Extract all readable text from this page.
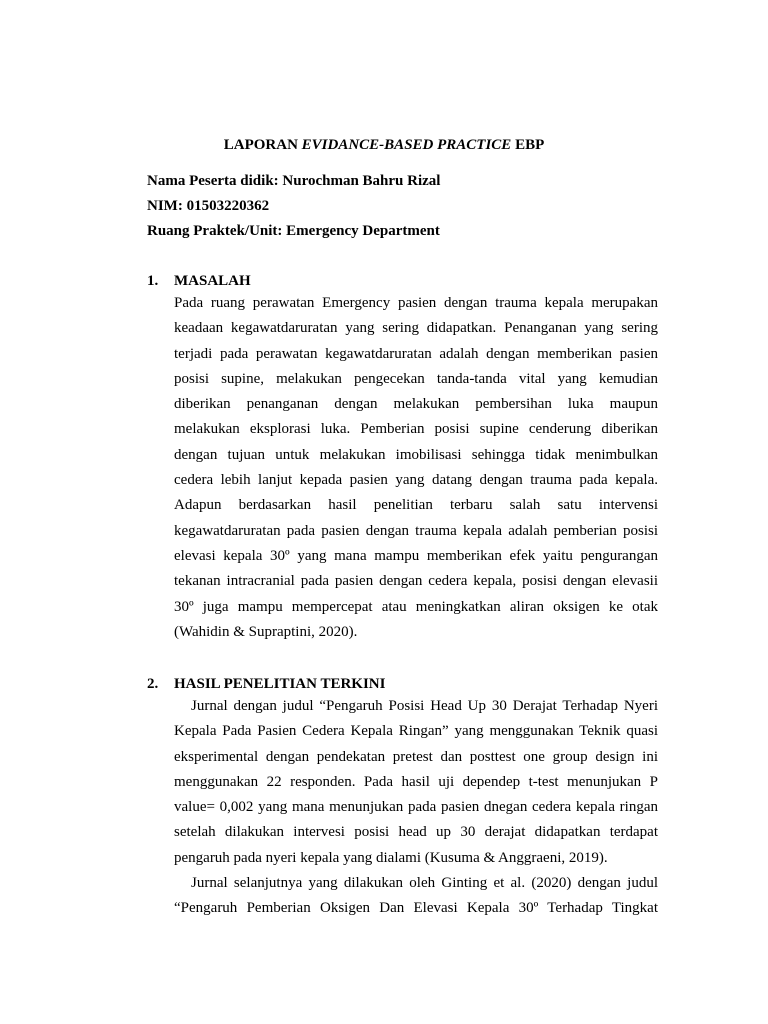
LAPORAN EVIDANCE-BASED PRACTICE EBP
Nama Peserta didik: Nurochman Bahru Rizal
NIM: 01503220362
Ruang Praktek/Unit: Emergency Department
1. MASALAH
Pada ruang perawatan Emergency pasien dengan trauma kepala merupakan
keadaan kegawatdaruratan yang sering didapatkan. Penanganan yang sering
terjadi pada perawatan kegawatdaruratan adalah dengan memberikan pasien
posisi supine, melakukan pengecekan tanda-tanda vital yang kemudian
diberikan penanganan dengan melakukan pembersihan luka maupun
melakukan eksplorasi luka. Pemberian posisi supine cenderung diberikan
dengan tujuan untuk melakukan imobilisasi sehingga tidak menimbulkan
cedera lebih lanjut kepada pasien yang datang dengan trauma pada kepala.
Adapun berdasarkan hasil penelitian terbaru salah satu intervensi
kegawatdaruratan pada pasien dengan trauma kepala adalah pemberian posisi
elevasi kepala 30º yang mana mampu memberikan efek yaitu pengurangan
tekanan intracranial pada pasien dengan cedera kepala, posisi dengan elevasii
30º juga mampu mempercepat atau meningkatkan aliran oksigen ke otak
(Wahidin & Supraptini, 2020).
2. HASIL PENELITIAN TERKINI
Jurnal dengan judul “Pengaruh Posisi Head Up 30 Derajat Terhadap Nyeri
Kepala Pada Pasien Cedera Kepala Ringan” yang menggunakan Teknik quasi
eksperimental dengan pendekatan pretest dan posttest one group design ini
menggunakan 22 responden. Pada hasil uji dependep t-test menunjukan P
value= 0,002 yang mana menunjukan pada pasien dnegan cedera kepala ringan
setelah dilakukan intervesi posisi head up 30 derajat didapatkan terdapat
pengaruh pada nyeri kepala yang dialami (Kusuma & Anggraeni, 2019).
Jurnal selanjutnya yang dilakukan oleh Ginting et al. (2020) dengan judul
“Pengaruh Pemberian Oksigen Dan Elevasi Kepala 30º Terhadap Tingkat
